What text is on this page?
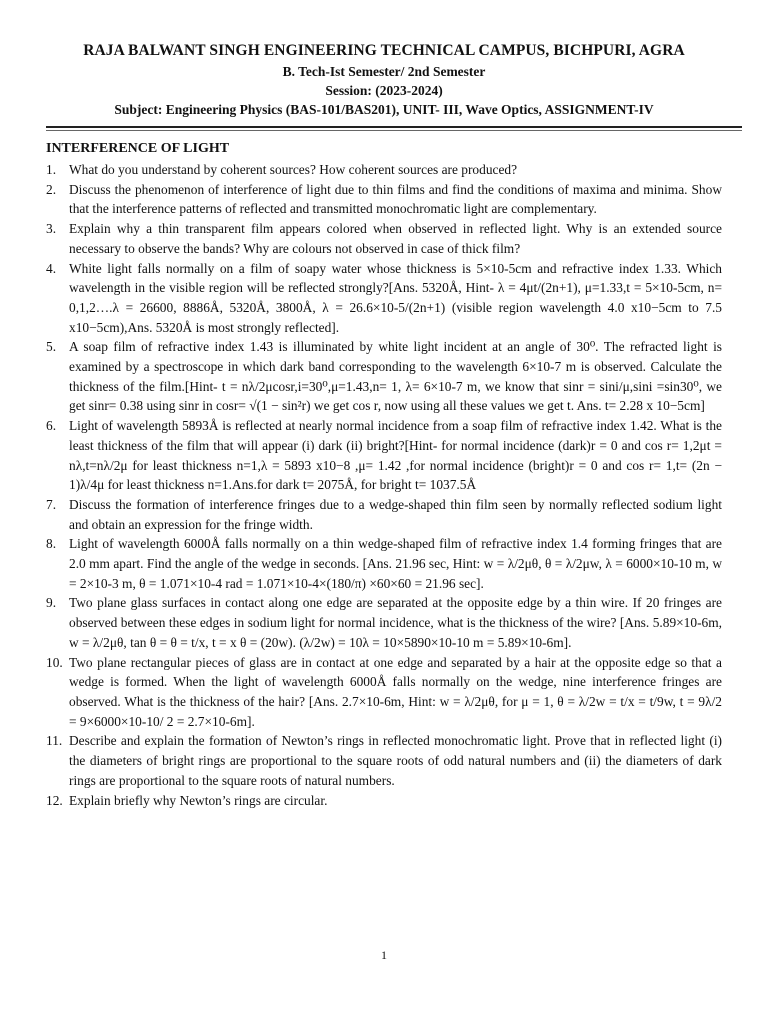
RAJA BALWANT SINGH ENGINEERING TECHNICAL CAMPUS, BICHPURI, AGRA
B. Tech-Ist Semester/ 2nd Semester
Session: (2023-2024)
Subject: Engineering Physics (BAS-101/BAS201), UNIT- III, Wave Optics, ASSIGNMENT-IV
INTERFERENCE OF LIGHT
1. What do you understand by coherent sources? How coherent sources are produced?
2. Discuss the phenomenon of interference of light due to thin films and find the conditions of maxima and minima. Show that the interference patterns of reflected and transmitted monochromatic light are complementary.
3. Explain why a thin transparent film appears colored when observed in reflected light. Why is an extended source necessary to observe the bands? Why are colours not observed in case of thick film?
4. White light falls normally on a film of soapy water whose thickness is 5×10-5cm and refractive index 1.33. Which wavelength in the visible region will be reflected strongly?[Ans. 5320Å, Hint- λ = 4μt/(2n+1), μ=1.33,t = 5×10-5cm, n= 0,1,2….λ = 26600, 8886Å, 5320Å, 3800Å, λ = 26.6×10-5/(2n+1) (visible region wavelength 4.0 x10−5cm to 7.5 x10−5cm),Ans. 5320Å is most strongly reflected].
5. A soap film of refractive index 1.43 is illuminated by white light incident at an angle of 30⁰. The refracted light is examined by a spectroscope in which dark band corresponding to the wavelength 6×10-7 m is observed. Calculate the thickness of the film.[Hint- t = nλ/2μcosr,i=30⁰,μ=1.43,n= 1, λ= 6×10-7 m, we know that sinr = sini/μ,sini =sin30⁰, we get sinr= 0.38 using sinr in cosr= √(1 − sin²r) we get cos r, now using all these values we get t. Ans. t= 2.28 x 10−5cm]
6. Light of wavelength 5893Å is reflected at nearly normal incidence from a soap film of refractive index 1.42. What is the least thickness of the film that will appear (i) dark (ii) bright?[Hint- for normal incidence (dark)r = 0 and cos r= 1,2μt = nλ,t=nλ/2μ for least thickness n=1,λ = 5893 x10−8 ,μ= 1.42 ,for normal incidence (bright)r = 0 and cos r= 1,t= (2n − 1)λ/4μ for least thickness n=1.Ans.for dark t= 2075Å, for bright t= 1037.5Å
7. Discuss the formation of interference fringes due to a wedge-shaped thin film seen by normally reflected sodium light and obtain an expression for the fringe width.
8. Light of wavelength 6000Å falls normally on a thin wedge-shaped film of refractive index 1.4 forming fringes that are 2.0 mm apart. Find the angle of the wedge in seconds. [Ans. 21.96 sec, Hint: w = λ/2μθ, θ = λ/2μw, λ = 6000×10-10 m, w = 2×10-3 m, θ = 1.071×10-4 rad = 1.071×10-4×(180/π) ×60×60 = 21.96 sec].
9. Two plane glass surfaces in contact along one edge are separated at the opposite edge by a thin wire. If 20 fringes are observed between these edges in sodium light for normal incidence, what is the thickness of the wire? [Ans. 5.89×10-6m, w = λ/2μθ, tan θ = θ = t/x, t = x θ = (20w). (λ/2w) = 10λ = 10×5890×10-10 m = 5.89×10-6m].
10. Two plane rectangular pieces of glass are in contact at one edge and separated by a hair at the opposite edge so that a wedge is formed. When the light of wavelength 6000Å falls normally on the wedge, nine interference fringes are observed. What is the thickness of the hair? [Ans. 2.7×10-6m, Hint: w = λ/2μθ, for μ = 1, θ = λ/2w = t/x = t/9w, t = 9λ/2 = 9×6000×10-10/ 2 = 2.7×10-6m].
11. Describe and explain the formation of Newton’s rings in reflected monochromatic light. Prove that in reflected light (i) the diameters of bright rings are proportional to the square roots of odd natural numbers and (ii) the diameters of dark rings are proportional to the square roots of natural numbers.
12. Explain briefly why Newton’s rings are circular.
1
